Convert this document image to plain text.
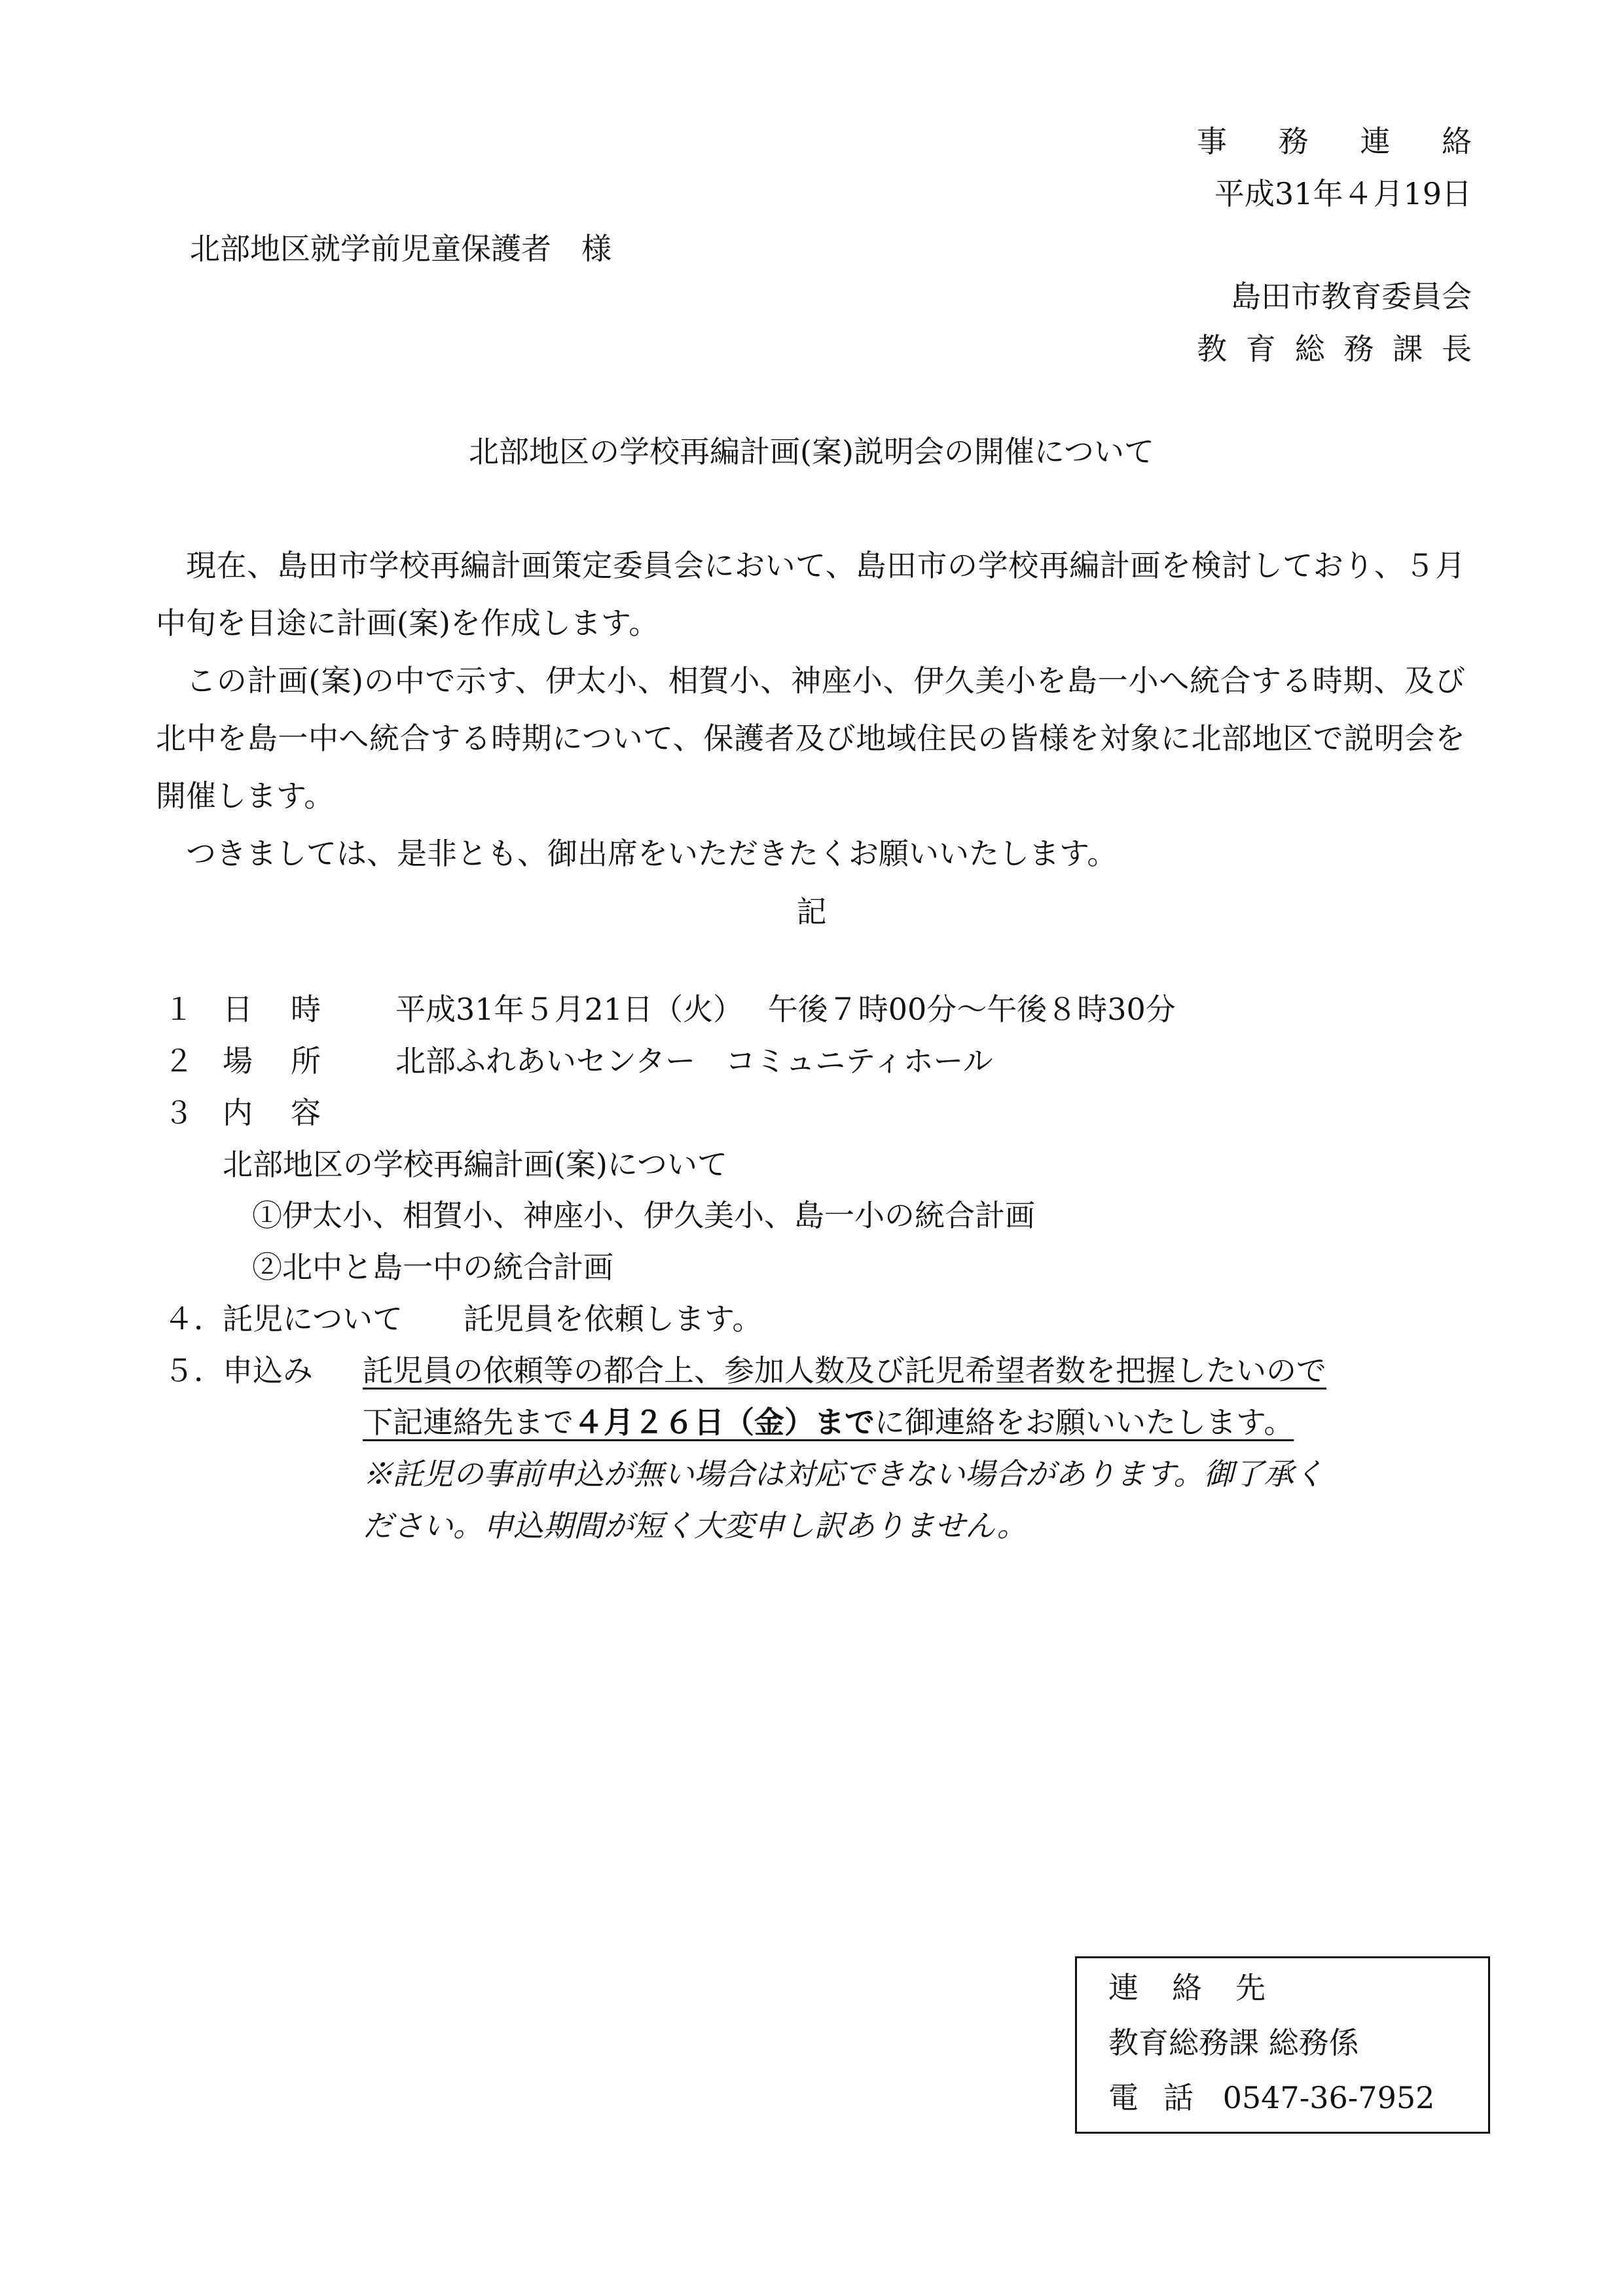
事 務 連 絡
平成31年４月19日
北部地区就学前児童保護者　様
島田市教育委員会
教 育 総 務 課 長
北部地区の学校再編計画(案)説明会の開催について

現在、島田市学校再編計画策定委員会において、島田市の学校再編計画を検討しており、５月中旬を目途に計画(案)を作成します。

この計画(案)の中で示す、伊太小、相賀小、神座小、伊久美小を島一小へ統合する時期、及び北中を島一中へ統合する時期について、保護者及び地域住民の皆様を対象に北部地区で説明会を開催します。

つきましては、是非とも、御出席をいただきたくお願いいたします。

記
１ 日 時 平成31年５月21日（火）　 午後７時00分～午後８時30分
２ 場 所 北部ふれあいセンター　コミュニティホール
３ 内 容
北部地区の学校再編計画(案)について
①伊太小、相賀小、神座小、伊久美小、島一小の統合計画
②北中と島一中の統合計画
４．
託児について 託児員を依頼します。
５．
申込み 託児員の依頼等の都合上、参加人数及び託児希望者数を把握したいので
下記連絡先まで４月２６日（金）までに御連絡をお願いいたします。
※託児の事前申込が無い場合は対応できない場合があります。御了承く
ださい。申込期間が短く大変申し訳ありません。
連 絡 先
教育総務課 総務係
電 話 0547-36-7952
